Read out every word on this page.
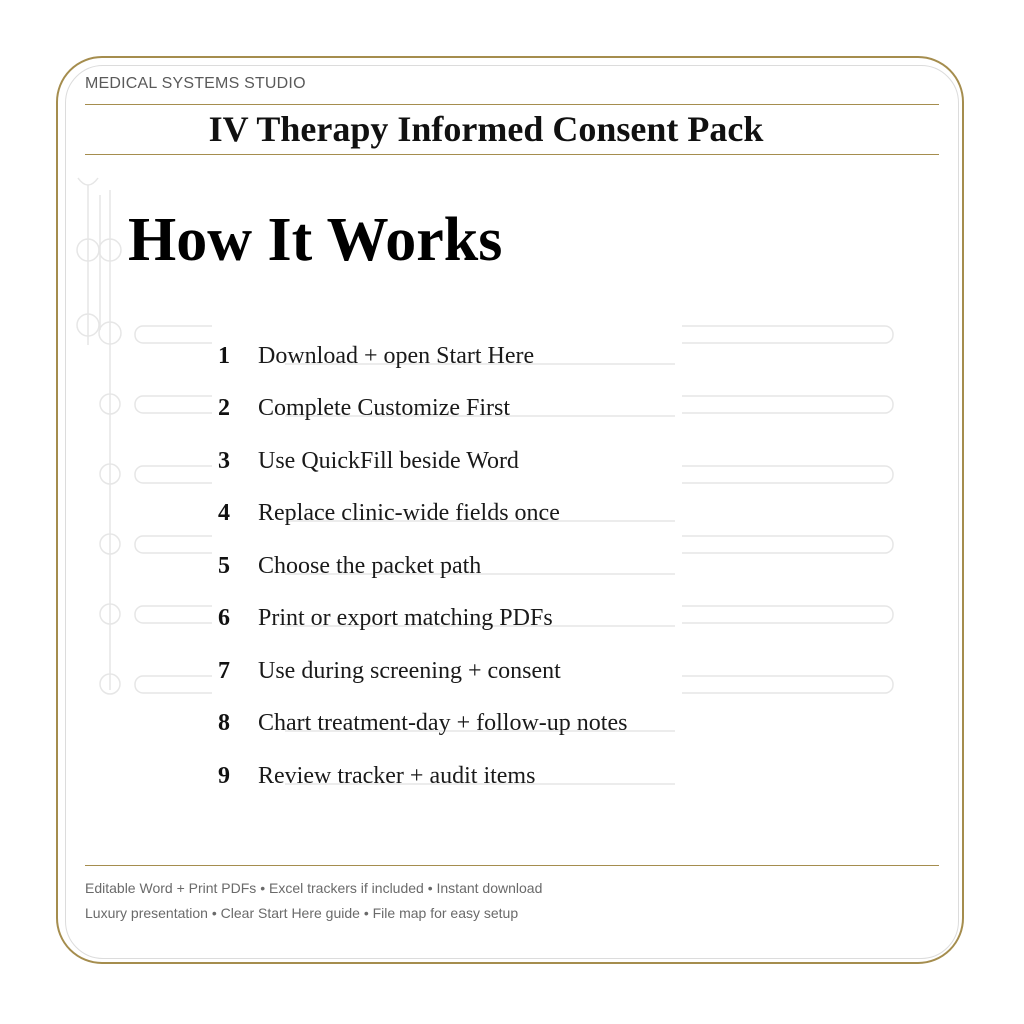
MEDICAL SYSTEMS STUDIO
IV Therapy Informed Consent Pack
How It Works
1 Download + open Start Here
2 Complete Customize First
3 Use QuickFill beside Word
4 Replace clinic-wide fields once
5 Choose the packet path
6 Print or export matching PDFs
7 Use during screening + consent
8 Chart treatment-day + follow-up notes
9 Review tracker + audit items
Editable Word + Print PDFs • Excel trackers if included • Instant download
Luxury presentation • Clear Start Here guide • File map for easy setup
